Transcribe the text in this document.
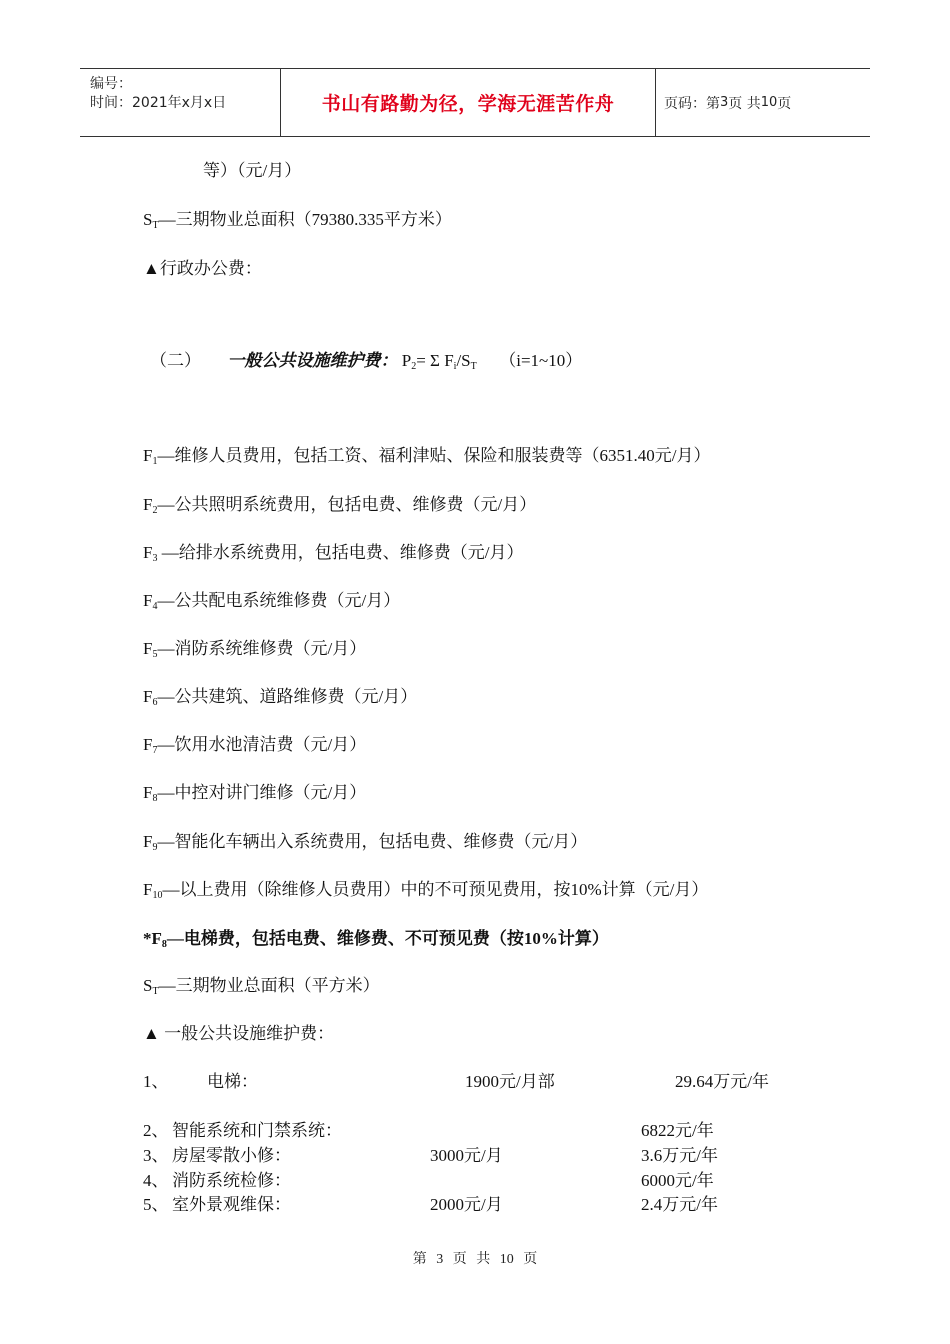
编号：
时间：2021年x月x日	书山有路勤为径，学海无涯苦作舟	页码：第 3 页 共 10 页
等）（元/月）
$S_T—$三期物业总面积（79380.335平方米）
▲行政办公费：
（二） 一般公共设施维护费： $P_2= \Sigma$ $F_i/S_T$ （i=1~10）
$F_1—$维修人员费用，包括工资、福利津贴、保险和服装费等（6351.40元/月）
$F_2—$公共照明系统费用，包括电费、维修费（元/月）
$F_3$ —给排水系统费用，包括电费、维修费（元/月）
$F_4—$公共配电系统维修费（元/月）
$F_5—$消防系统维修费（元/月）
$F_6—$公共建筑、道路维修费（元/月）
$F_7—$饮用水池清洁费（元/月）
$F_8—$中控对讲门维修（元/月）
$F_9—$智能化车辆出入系统费用，包括电费、维修费（元/月）
$F_{10}—$以上费用（除维修人员费用）中的不可预见费用，按10%计算（元/月）
$*F_8—$电梯费，包括电费、维修费、不可预见费（按10%计算）
$S_T—$三期物业总面积（平方米）
▲ 一般公共设施维护费：
1、 电梯：	1900元/月部	29.64万元/年
2、 智能系统和门禁系统：	6822元/年
3、 房屋零散小修：	3000元/月	3.6万元/年
4、 消防系统检修：	6000元/年
5、 室外景观维保：	2000元/月	2.4万元/年
第 3 页 共 10 页
